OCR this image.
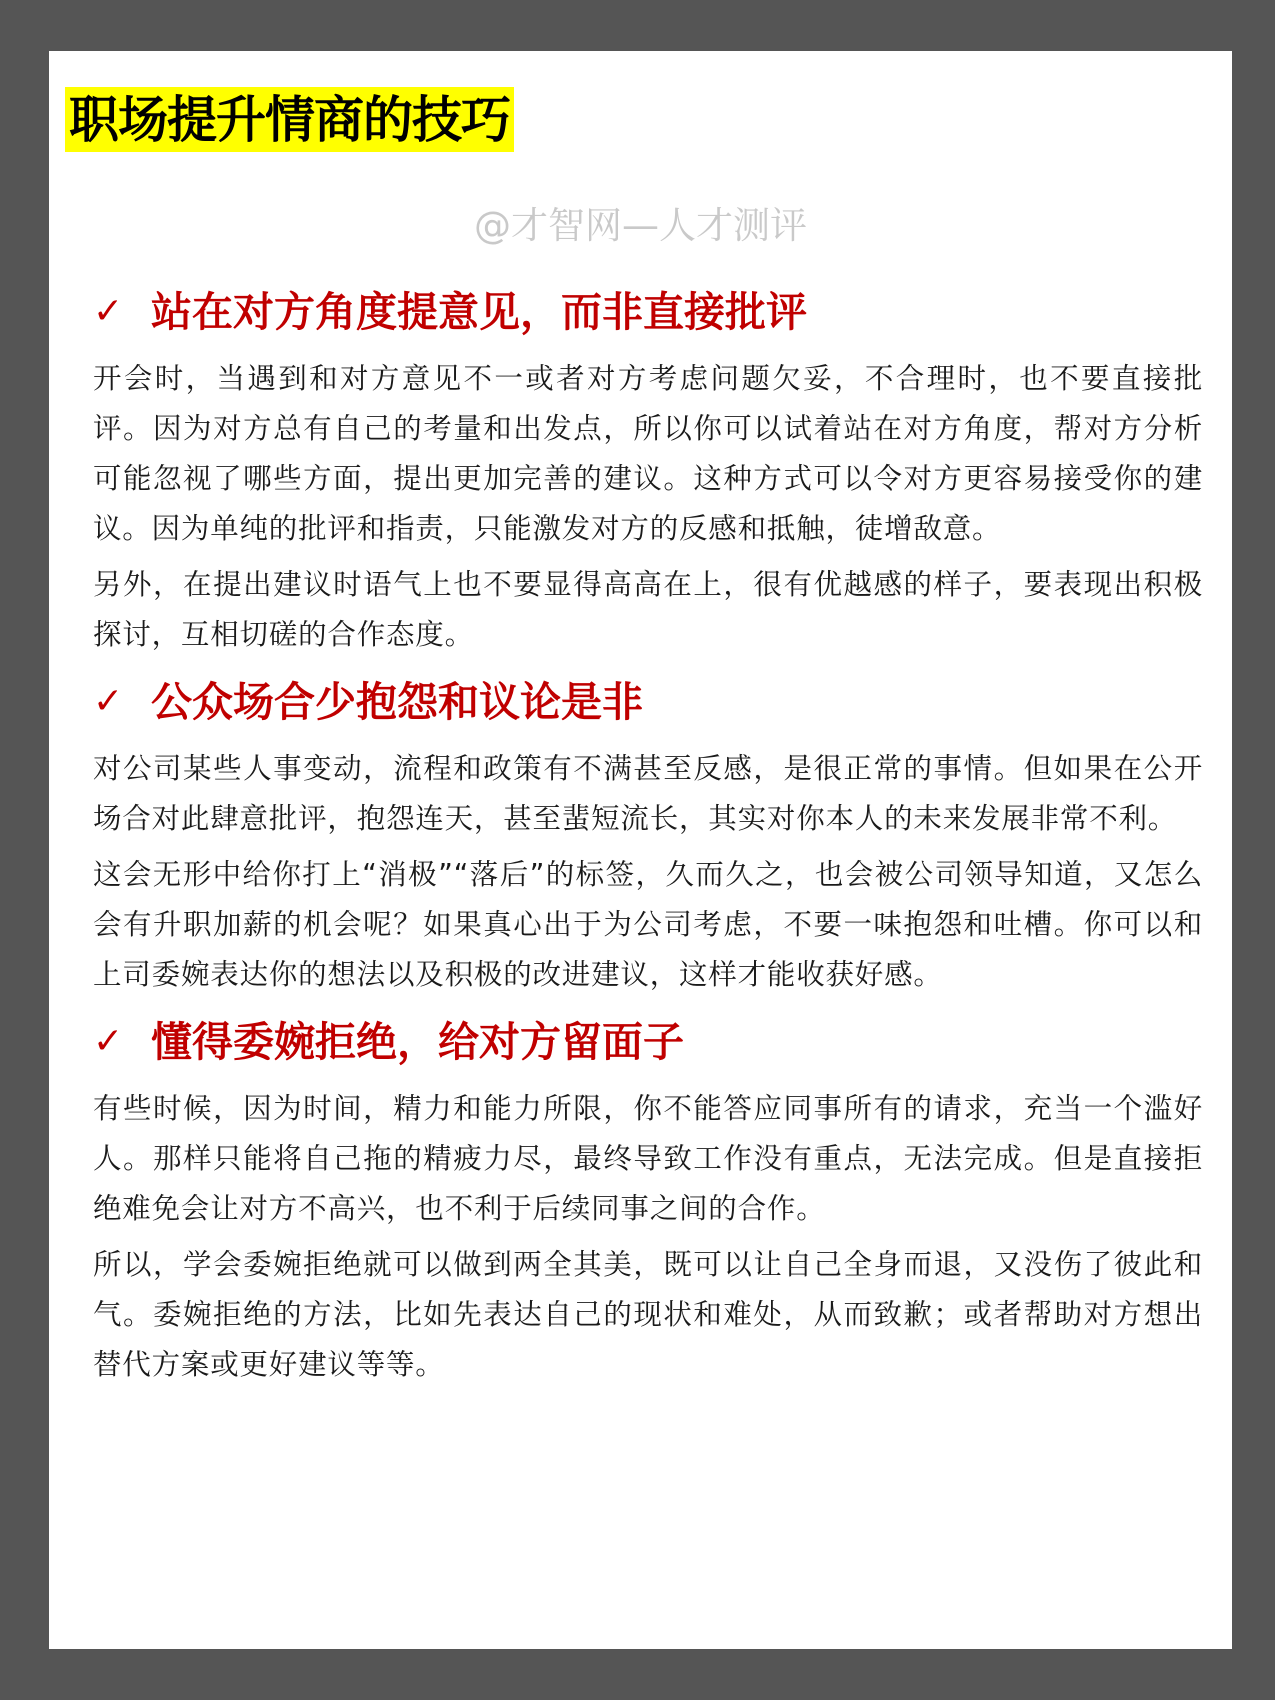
职场提升情商的技巧
@才智网—人才测评
✓ 站在对方角度提意见，而非直接批评

开会时，当遇到和对方意见不一或者对方考虑问题欠妥，不合理时，也不要直接批评。因为对方总有自己的考量和出发点，所以你可以试着站在对方角度，帮对方分析可能忽视了哪些方面，提出更加完善的建议。这种方式可以令对方更容易接受你的建议。因为单纯的批评和指责，只能激发对方的反感和抵触，徒增敌意。

另外，在提出建议时语气上也不要显得高高在上，很有优越感的样子，要表现出积极探讨，互相切磋的合作态度。

✓ 公众场合少抱怨和议论是非

对公司某些人事变动，流程和政策有不满甚至反感，是很正常的事情。但如果在公开场合对此肆意批评，抱怨连天，甚至蜚短流长，其实对你本人的未来发展非常不利。

这会无形中给你打上“消极”“落后”的标签，久而久之，也会被公司领导知道，又怎么会有升职加薪的机会呢？如果真心出于为公司考虑，不要一味抱怨和吐槽。你可以和上司委婉表达你的想法以及积极的改进建议，这样才能收获好感。

✓ 懂得委婉拒绝，给对方留面子

有些时候，因为时间，精力和能力所限，你不能答应同事所有的请求，充当一个滥好人。那样只能将自己拖的精疲力尽，最终导致工作没有重点，无法完成。但是直接拒绝难免会让对方不高兴，也不利于后续同事之间的合作。

所以，学会委婉拒绝就可以做到两全其美，既可以让自己全身而退，又没伤了彼此和气。委婉拒绝的方法，比如先表达自己的现状和难处，从而致歉；或者帮助对方想出替代方案或更好建议等等。
